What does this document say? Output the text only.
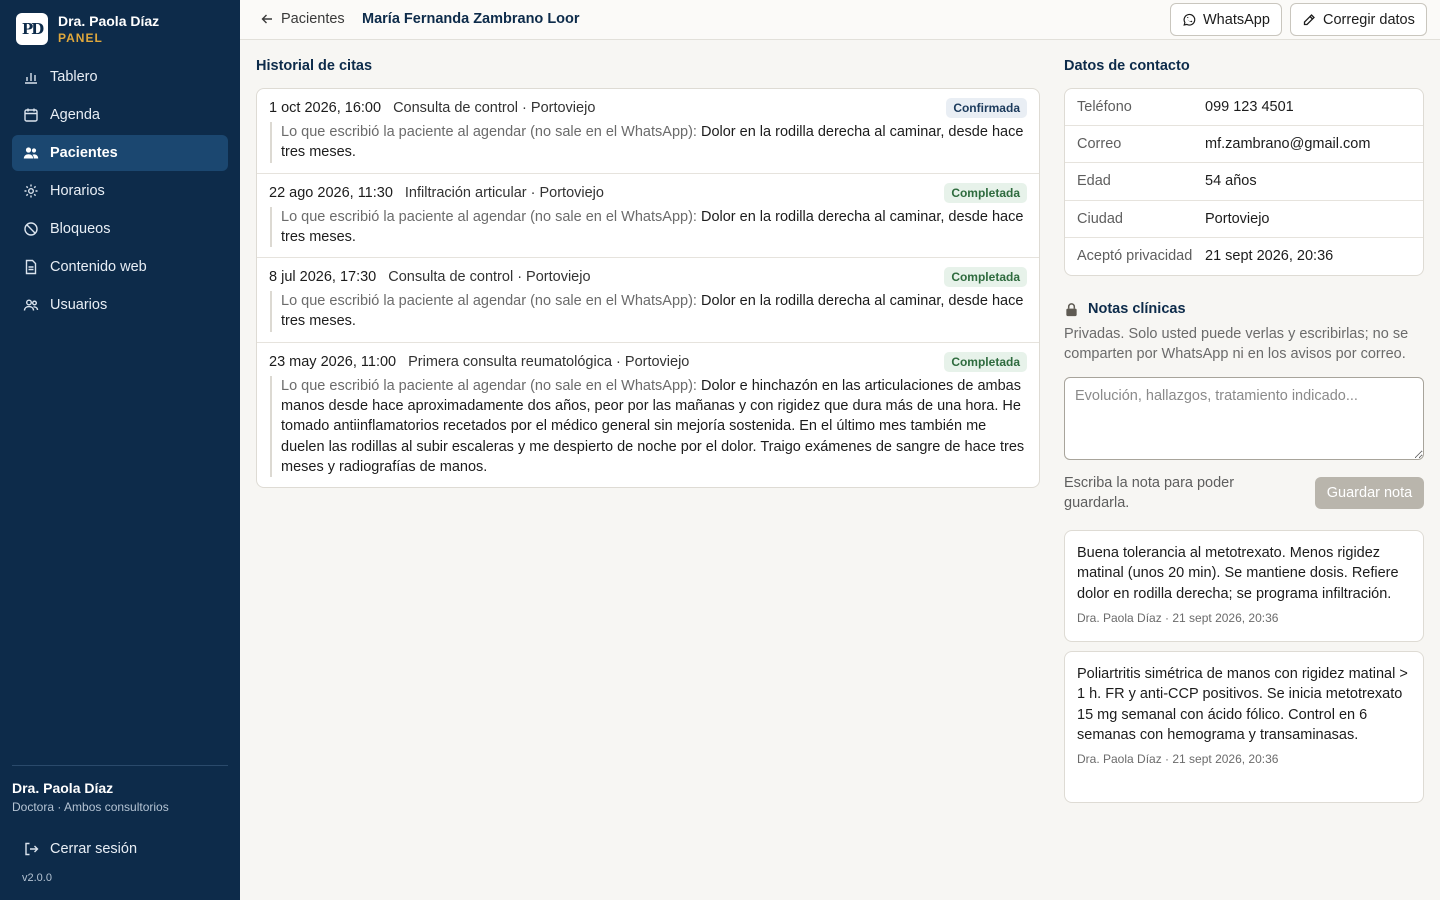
PD	Dra. Paola Díaz
PANEL
Tablero
Agenda
Pacientes
Horarios
Bloqueos
Contenido web
Usuarios
Dra. Paola Díaz
Doctora · Ambos consultorios
Cerrar sesión
v2.0.0
Pacientes María Fernanda Zambrano Loor	WhatsApp	Corregir datos
Historial de citas
1 oct 2026, 16:00 Consulta de control · Portoviejo	Confirmada
Lo que escribió la paciente al agendar (no sale en el WhatsApp): Dolor en la rodilla derecha al caminar, desde hace tres meses.
22 ago 2026, 11:30 Infiltración articular · Portoviejo	Completada
Lo que escribió la paciente al agendar (no sale en el WhatsApp): Dolor en la rodilla derecha al caminar, desde hace tres meses.
8 jul 2026, 17:30 Consulta de control · Portoviejo	Completada
Lo que escribió la paciente al agendar (no sale en el WhatsApp): Dolor en la rodilla derecha al caminar, desde hace tres meses.
23 may 2026, 11:00 Primera consulta reumatológica · Portoviejo	Completada
Lo que escribió la paciente al agendar (no sale en el WhatsApp): Dolor e hinchazón en las articulaciones de ambas manos desde hace aproximadamente dos años, peor por las mañanas y con rigidez que dura más de una hora. He tomado antiinflamatorios recetados por el médico general sin mejoría sostenida. En el último mes también me duelen las rodillas al subir escaleras y me despierto de noche por el dolor. Traigo exámenes de sangre de hace tres meses y radiografías de manos.
Datos de contacto
Teléfono	099 123 4501
Correo	mf.zambrano@gmail.com
Edad	54 años
Ciudad	Portoviejo
Aceptó privacidad 21 sept 2026, 20:36
Notas clínicas
Privadas. Solo usted puede verlas y escribirlas; no se comparten por WhatsApp ni en los avisos por correo.
Evolución, hallazgos, tratamiento indicado...
Escriba la nota para poder guardarla.
Guardar nota
Buena tolerancia al metotrexato. Menos rigidez matinal (unos 20 min). Se mantiene dosis. Refiere dolor en rodilla derecha; se programa infiltración.
Dra. Paola Díaz · 21 sept 2026, 20:36
Poliartritis simétrica de manos con rigidez matinal > 1 h. FR y anti-CCP positivos. Se inicia metotrexato 15 mg semanal con ácido fólico. Control en 6 semanas con hemograma y transaminasas.
Dra. Paola Díaz · 21 sept 2026, 20:36
